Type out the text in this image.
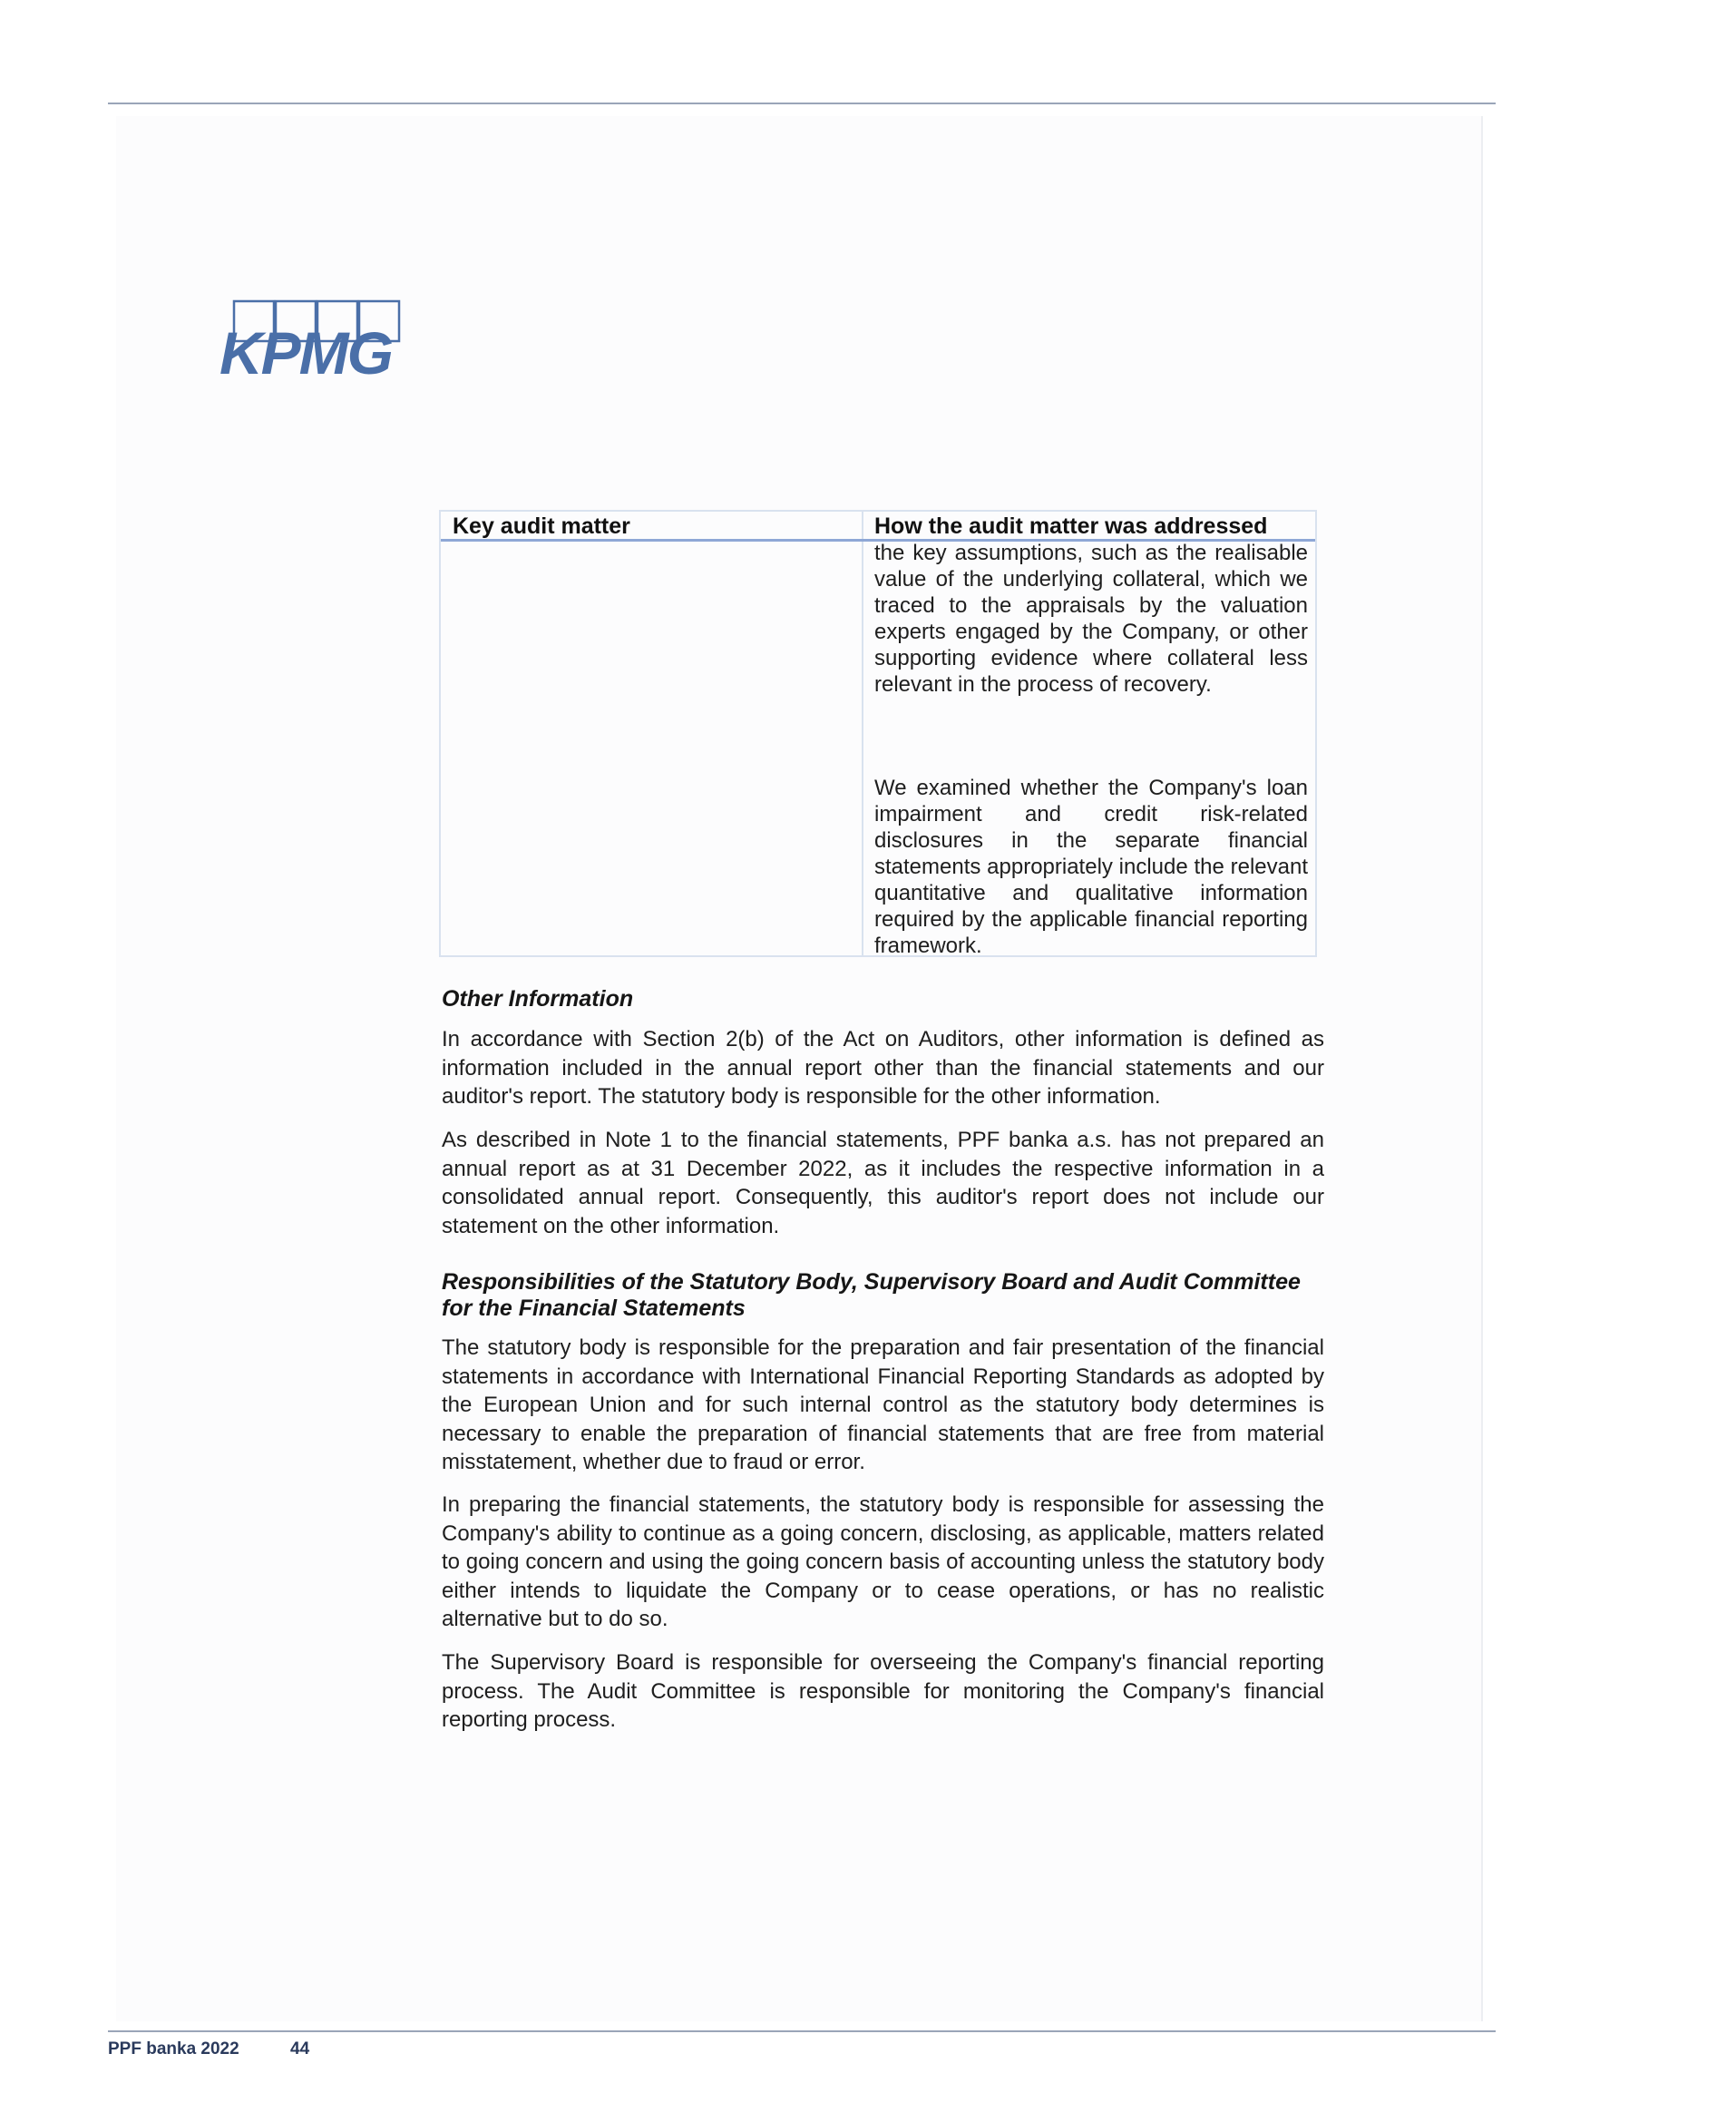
KPMG
Key audit matter	How the audit matter was addressed
the key assumptions, such as the realisable value of the underlying collateral, which we traced to the appraisals by the valuation experts engaged by the Company, or other supporting evidence where collateral less relevant in the process of recovery.
We examined whether the Company's loan impairment and credit risk-related disclosures in the separate financial statements appropriately include the relevant quantitative and qualitative information required by the applicable financial reporting framework.
Other Information
In accordance with Section 2(b) of the Act on Auditors, other information is defined as information included in the annual report other than the financial statements and our auditor's report. The statutory body is responsible for the other information.
As described in Note 1 to the financial statements, PPF banka a.s. has not prepared an annual report as at 31 December 2022, as it includes the respective information in a consolidated annual report. Consequently, this auditor's report does not include our statement on the other information.
Responsibilities of the Statutory Body, Supervisory Board and Audit Committee for the Financial Statements
The statutory body is responsible for the preparation and fair presentation of the financial statements in accordance with International Financial Reporting Standards as adopted by the European Union and for such internal control as the statutory body determines is necessary to enable the preparation of financial statements that are free from material misstatement, whether due to fraud or error.
In preparing the financial statements, the statutory body is responsible for assessing the Company's ability to continue as a going concern, disclosing, as applicable, matters related to going concern and using the going concern basis of accounting unless the statutory body either intends to liquidate the Company or to cease operations, or has no realistic alternative but to do so.
The Supervisory Board is responsible for overseeing the Company's financial reporting process. The Audit Committee is responsible for monitoring the Company's financial reporting process.
PPF banka 2022	44
